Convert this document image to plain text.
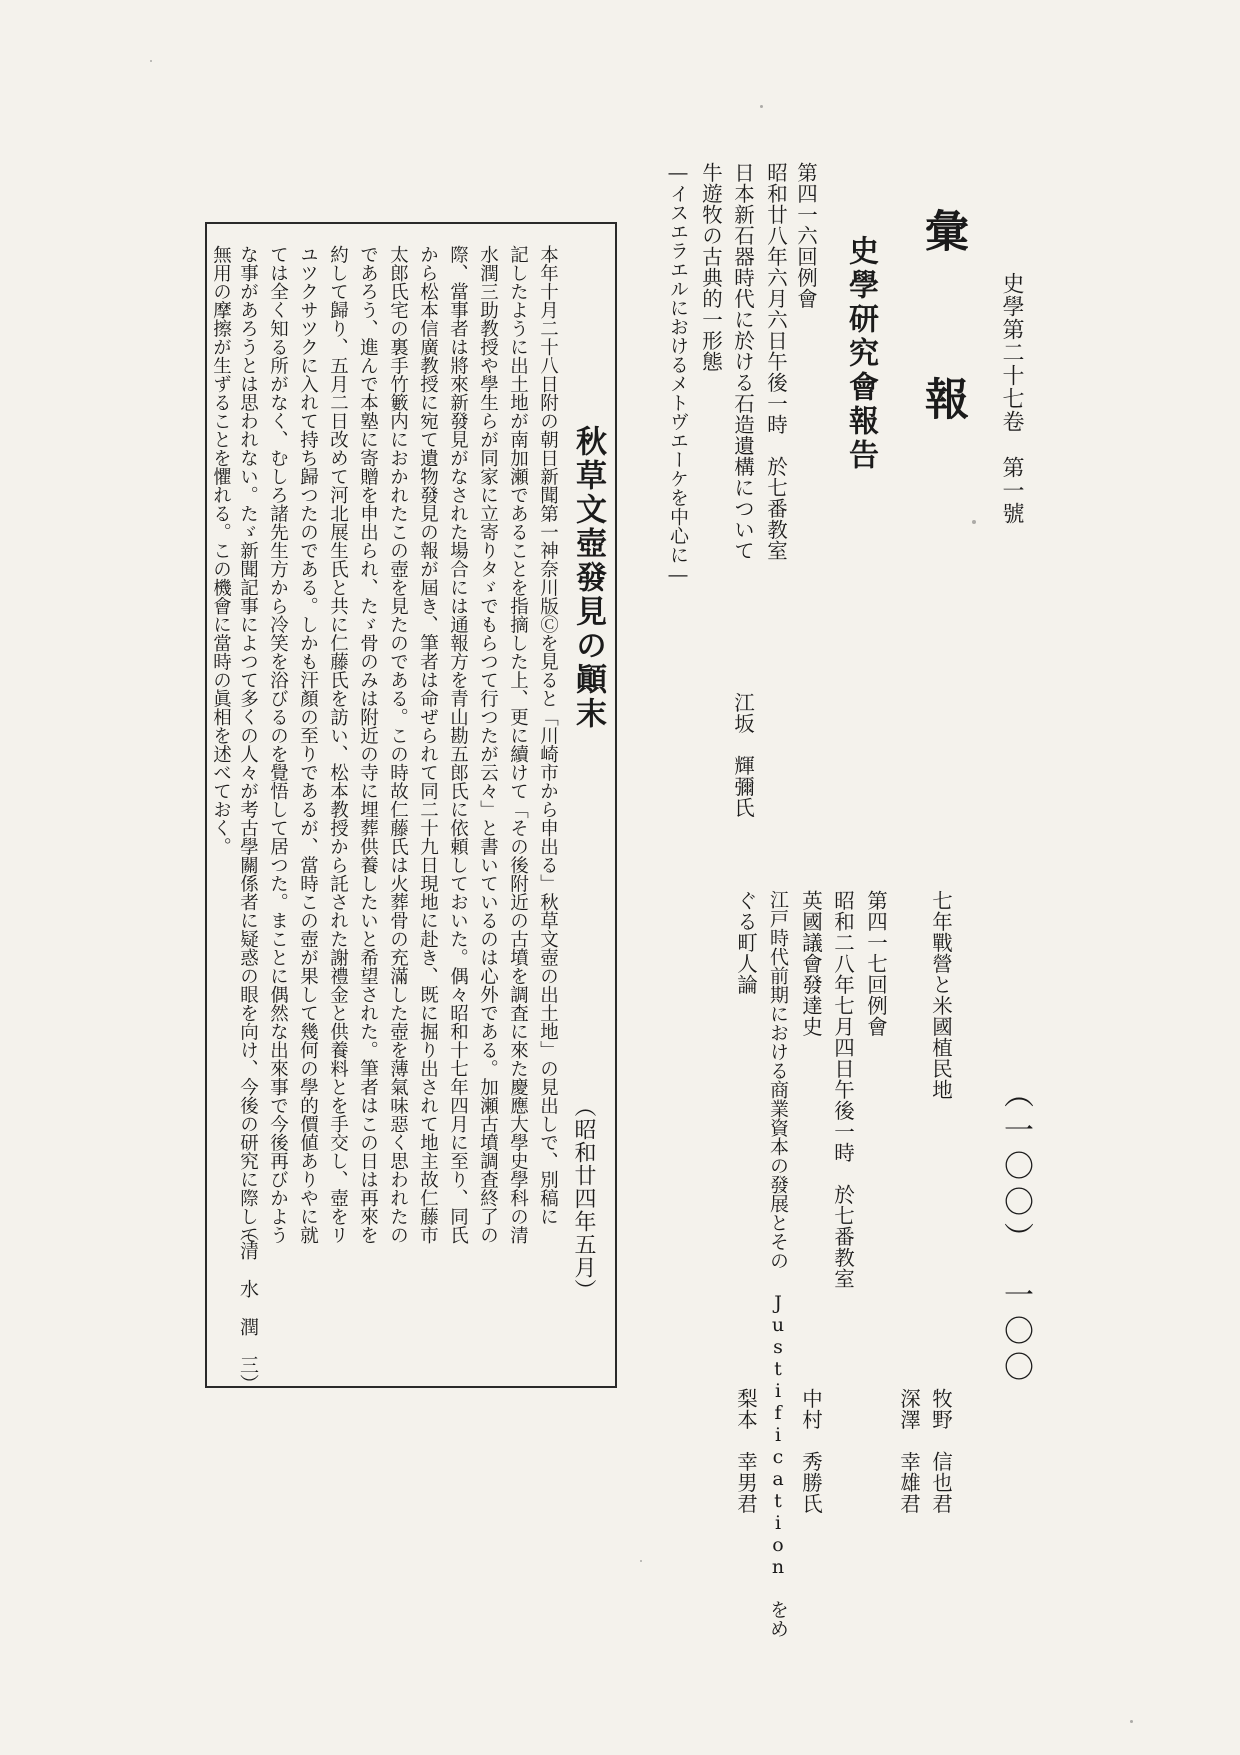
史學第二十七卷　第一號
（一〇〇）　一〇〇
彙　報
史學研究會報告
第四一六回例會
昭和廿八年六月六日午後一時　於七番教室
日本新石器時代に於ける石造遺構について
江坂　輝彌氏
牛遊牧の古典的一形態
―イスエラエルにおけるメトヴエーケを中心に―
七年戰營と米國植民地
牧野　信也君
深澤　幸雄君
第四一七回例會
昭和二八年七月四日午後一時　於七番教室
英國議會發達史
中村　秀勝氏
江戸時代前期における商業資本の發展とその Justification をめ
ぐる町人論
梨本　幸男君
秋草文壺發見の顚末
（昭和廿四年五月）
本年十月二十八日附の朝日新聞第一神奈川版Ⓒを見ると「川崎市から申出る」秋草文壺の出土地」の見出しで、別稿に
記したように出土地が南加瀬であることを指摘した上、更に續けて「その後附近の古墳を調査に來た慶應大學史學科の清
水潤三助教授や學生らが同家に立寄りタゞでもらつて行つたが云々」と書いているのは心外である。加瀬古墳調査終了の
際、當事者は將來新發見がなされた場合には通報方を青山勘五郎氏に依頼しておいた。偶々昭和十七年四月に至り、同氏
から松本信廣教授に宛て遺物發見の報が屆き、筆者は命ぜられて同二十九日現地に赴き、既に掘り出されて地主故仁藤市
太郎氏宅の裏手竹籔内におかれたこの壺を見たのである。この時故仁藤氏は火葬骨の充滿した壺を薄氣味惡く思われたの
であろう、進んで本塾に寄贈を申出られ、たゞ骨のみは附近の寺に埋葬供養したいと希望された。筆者はこの日は再來を
約して歸り、五月二日改めて河北展生氏と共に仁藤氏を訪い、松本教授から託された謝禮金と供養料とを手交し、壺をリ
ユツクサツクに入れて持ち歸つたのである。しかも汗顏の至りであるが、當時この壺が果して幾何の學的價値ありやに就
ては全く知る所がなく、むしろ諸先生方から冷笑を浴びるのを覺悟して居つた。まことに偶然な出來事で今後再びかよう
な事があろうとは思われない。たゞ新聞記事によつて多くの人々が考古學關係者に疑惑の眼を向け、今後の研究に際して
無用の摩擦が生ずることを懼れる。この機會に當時の眞相を述べておく。
（清　水　潤　三）
